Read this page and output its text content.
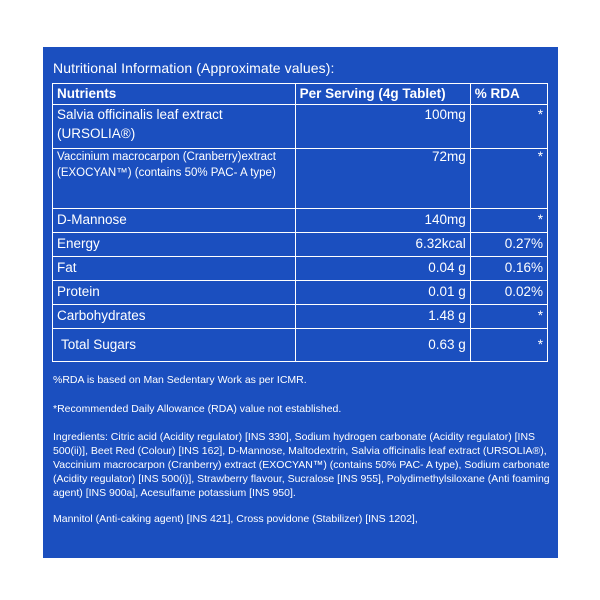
Nutritional Information (Approximate values):
Nutrients	Per Serving (4g Tablet)	% RDA
Salvia officinalis leaf extract (URSOLIA®)	100mg	*
Vaccinium macrocarpon (Cranberry)extract (EXOCYAN™) (contains 50% PAC- A type)	72mg	*
D-Mannose	140mg	*
Energy	6.32kcal	0.27%
Fat	0.04 g	0.16%
Protein	0.01 g	0.02%
Carbohydrates	1.48 g	*
Total Sugars	0.63 g	*
%RDA is based on Man Sedentary Work as per ICMR.
*Recommended Daily Allowance (RDA) value not established.
Ingredients: Citric acid (Acidity regulator) [INS 330], Sodium hydrogen carbonate (Acidity regulator) [INS 500(ii)], Beet Red (Colour) [INS 162], D-Mannose, Maltodextrin, Salvia officinalis leaf extract (URSOLIA®), Vaccinium macrocarpon (Cranberry) extract (EXOCYAN™) (contains 50% PAC- A type), Sodium carbonate (Acidity regulator) [INS 500(i)], Strawberry flavour, Sucralose [INS 955], Polydimethylsiloxane (Anti foaming agent) [INS 900a], Acesulfame potassium [INS 950].
Mannitol (Anti-caking agent) [INS 421], Cross povidone (Stabilizer) [INS 1202],
